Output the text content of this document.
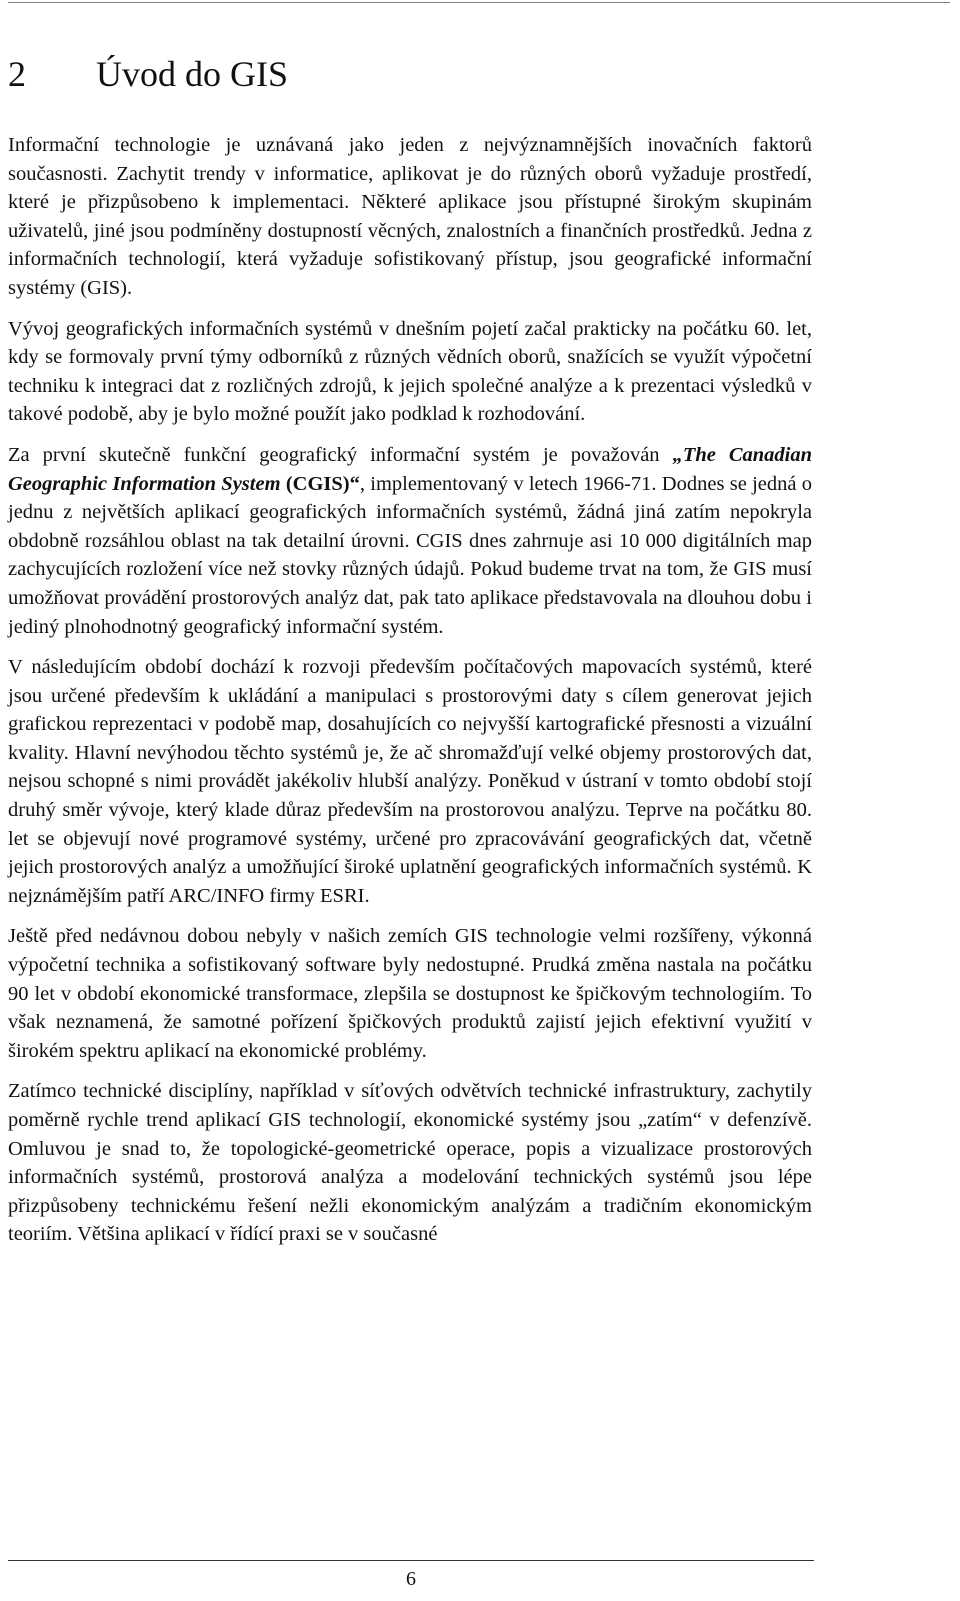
2 Úvod do GIS

Informační technologie je uznávaná jako jeden z nejvýznamnějších inovačních faktorů současnosti. Zachytit trendy v informatice, aplikovat je do různých oborů vyžaduje prostředí, které je přizpůsobeno k implementaci. Některé aplikace jsou přístupné širokým skupinám uživatelů, jiné jsou podmíněny dostupností věcných, znalostních a finančních prostředků. Jedna z informačních technologií, která vyžaduje sofistikovaný přístup, jsou geografické informační systémy (GIS).

Vývoj geografických informačních systémů v dnešním pojetí začal prakticky na počátku 60. let, kdy se formovaly první týmy odborníků z různých vědních oborů, snažících se využít výpočetní techniku k integraci dat z rozličných zdrojů, k jejich společné analýze a k prezentaci výsledků v takové podobě, aby je bylo možné použít jako podklad k rozhodování.

Za první skutečně funkční geografický informační systém je považován „The Canadian Geographic Information System (CGIS)“, implementovaný v letech 1966-71. Dodnes se jedná o jednu z největších aplikací geografických informačních systémů, žádná jiná zatím nepokryla obdobně rozsáhlou oblast na tak detailní úrovni. CGIS dnes zahrnuje asi 10 000 digitálních map zachycujících rozložení více než stovky různých údajů. Pokud budeme trvat na tom, že GIS musí umožňovat provádění prostorových analýz dat, pak tato aplikace představovala na dlouhou dobu i jediný plnohodnotný geografický informační systém.

V následujícím období dochází k rozvoji především počítačových mapovacích systémů, které jsou určené především k ukládání a manipulaci s prostorovými daty s cílem generovat jejich grafickou reprezentaci v podobě map, dosahujících co nejvyšší kartografické přesnosti a vizuální kvality. Hlavní nevýhodou těchto systémů je, že ač shromažďují velké objemy prostorových dat, nejsou schopné s nimi provádět jakékoliv hlubší analýzy. Poněkud v ústraní v tomto období stojí druhý směr vývoje, který klade důraz především na prostorovou analýzu. Teprve na počátku 80. let se objevují nové programové systémy, určené pro zpracovávání geografických dat, včetně jejich prostorových analýz a umožňující široké uplatnění geografických informačních systémů. K nejznámějším patří ARC/INFO firmy ESRI.

Ještě před nedávnou dobou nebyly v našich zemích GIS technologie velmi rozšířeny, výkonná výpočetní technika a sofistikovaný software byly nedostupné. Prudká změna nastala na počátku 90 let v období ekonomické transformace, zlepšila se dostupnost ke špičkovým technologiím. To však neznamená, že samotné pořízení špičkových produktů zajistí jejich efektivní využití v širokém spektru aplikací na ekonomické problémy.

Zatímco technické disciplíny, například v síťových odvětvích technické infrastruktury, zachytily poměrně rychle trend aplikací GIS technologií, ekonomické systémy jsou „zatím“ v defenzívě. Omluvou je snad to, že topologické-geometrické operace, popis a vizualizace prostorových informačních systémů, prostorová analýza a modelování technických systémů jsou lépe přizpůsobeny technickému řešení nežli ekonomickým analýzám a tradičním ekonomickým teoriím. Většina aplikací v řídící praxi se v současné

6
